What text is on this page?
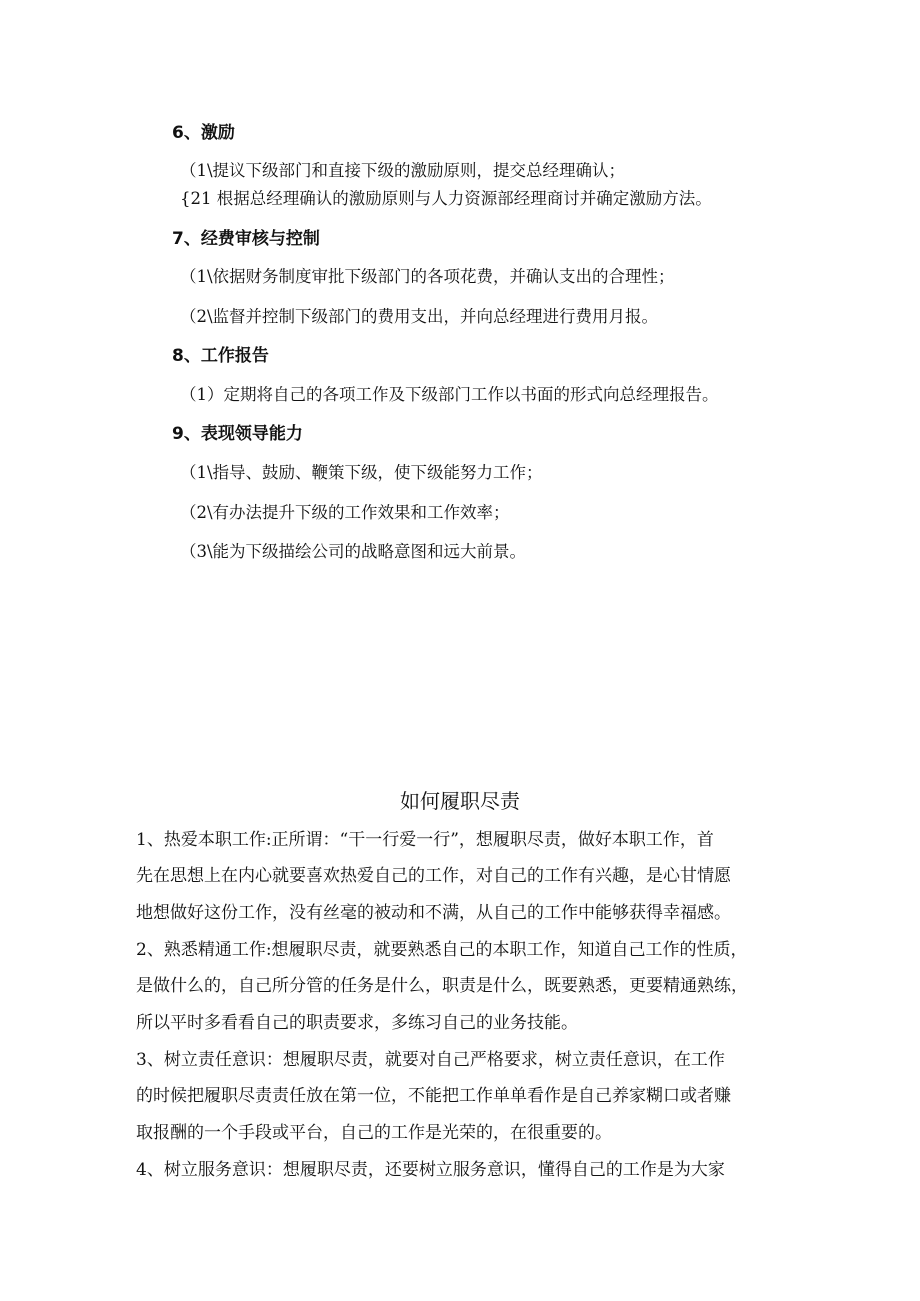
6、激励
（1\提议下级部门和直接下级的激励原则，提交总经理确认；
{21 根据总经理确认的激励原则与人力资源部经理商讨并确定激励方法。
7、经费审核与控制
（1\依据财务制度审批下级部门的各项花费，并确认支出的合理性；
（2\监督并控制下级部门的费用支出，并向总经理进行费用月报。
8、工作报告
（1）定期将自己的各项工作及下级部门工作以书面的形式向总经理报告。
9、表现领导能力
（1\指导、鼓励、鞭策下级，使下级能努力工作；
（2\有办法提升下级的工作效果和工作效率；
（3\能为下级描绘公司的战略意图和远大前景。
如何履职尽责
1、热爱本职工作:正所谓：“干一行爱一行”，想履职尽责，做好本职工作，首
先在思想上在内心就要喜欢热爱自己的工作，对自己的工作有兴趣，是心甘情愿
地想做好这份工作，没有丝毫的被动和不满，从自己的工作中能够获得幸福感。
2、熟悉精通工作:想履职尽责，就要熟悉自己的本职工作，知道自己工作的性质，
是做什么的，自己所分管的任务是什么，职责是什么，既要熟悉，更要精通熟练，
所以平时多看看自己的职责要求，多练习自己的业务技能。
3、树立责任意识：想履职尽责，就要对自己严格要求，树立责任意识，在工作
的时候把履职尽责责任放在第一位，不能把工作单单看作是自己养家糊口或者赚
取报酬的一个手段或平台，自己的工作是光荣的，在很重要的。
4、树立服务意识：想履职尽责，还要树立服务意识，懂得自己的工作是为大家
